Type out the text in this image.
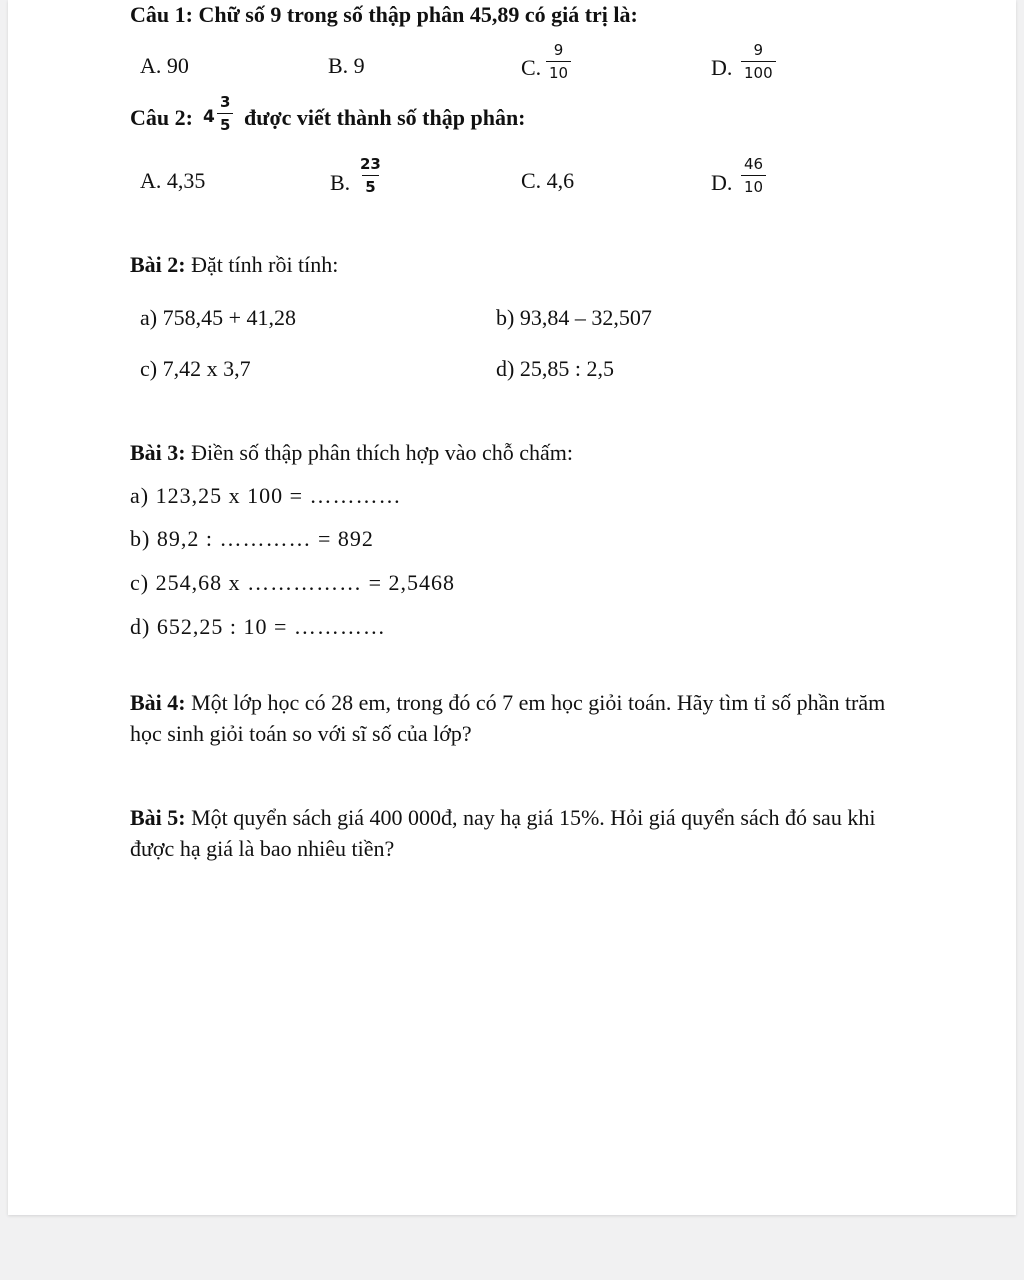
Câu 1: Chữ số 9 trong số thập phân 45,89 có giá trị là:
A. 90	B. 9	C. $\frac{9}{10}$	D. $\frac{9}{100}$
Câu 2: $4 \frac{3}{5}$ được viết thành số thập phân:
A. 4,35	B. $\frac{23}{5}$	C. 4,6	D. $\frac{46}{10}$
Bài 2: Đặt tính rồi tính:
a) 758,45 + 41,28	b) 93,84 – 32,507
c) 7,42 x 3,7	d) 25,85 : 2,5
Bài 3: Điền số thập phân thích hợp vào chỗ chấm:
a) 123,25 x 100 = …………
b) 89,2 : ………… = 892
c) 254,68 x …………… = 2,5468
d) 652,25 : 10 = …………
Bài 4: Một lớp học có 28 em, trong đó có 7 em học giỏi toán. Hãy tìm tỉ số phần trăm học sinh giỏi toán so với sĩ số của lớp?
Bài 5: Một quyển sách giá 400 000đ, nay hạ giá 15%. Hỏi giá quyển sách đó sau khi được hạ giá là bao nhiêu tiền?
